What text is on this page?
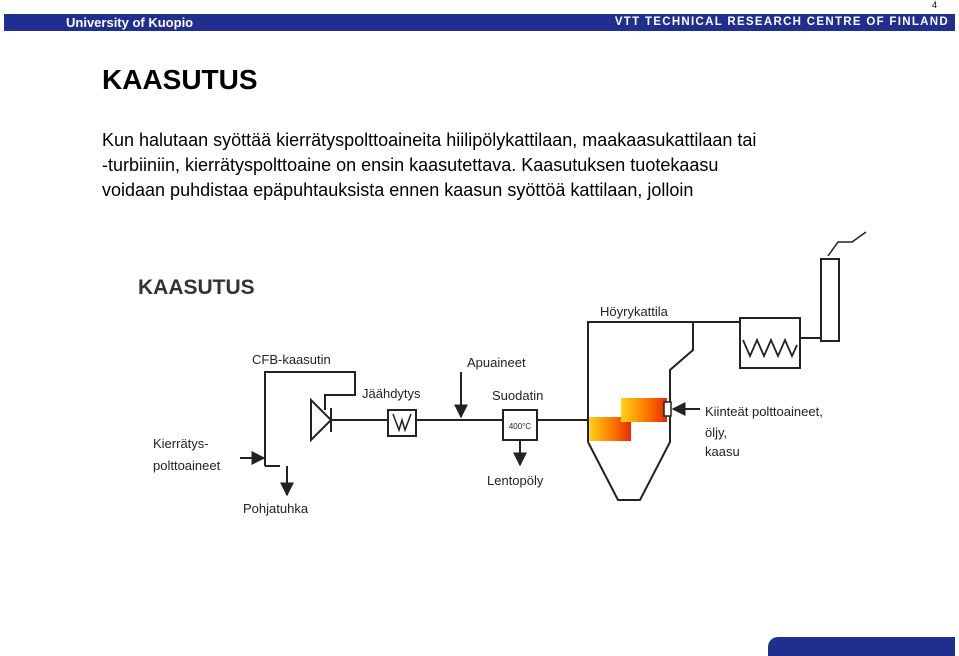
4
University of Kuopio	VTT TECHNICAL RESEARCH CENTRE OF FINLAND
KAASUTUS
Kun halutaan syöttää kierrätyspolttoaineita hiilipölykattilaan, maakaasukattilaan tai
-turbiiniin, kierrätyspolttoaine on ensin kaasutettava. Kaasutuksen tuotekaasu
voidaan puhdistaa epäpuhtauksista ennen kaasun syöttöä kattilaan, jolloin
KAASUTUS
CFB-kaasutin
Kierrätys-
polttoaineet
Pohjatuhka
Jäähdytys
Apuaineet
Suodatin
400°C
Lentopöly
Höyrykattila
Kiinteät polttoaineet,
öljy,
kaasu
